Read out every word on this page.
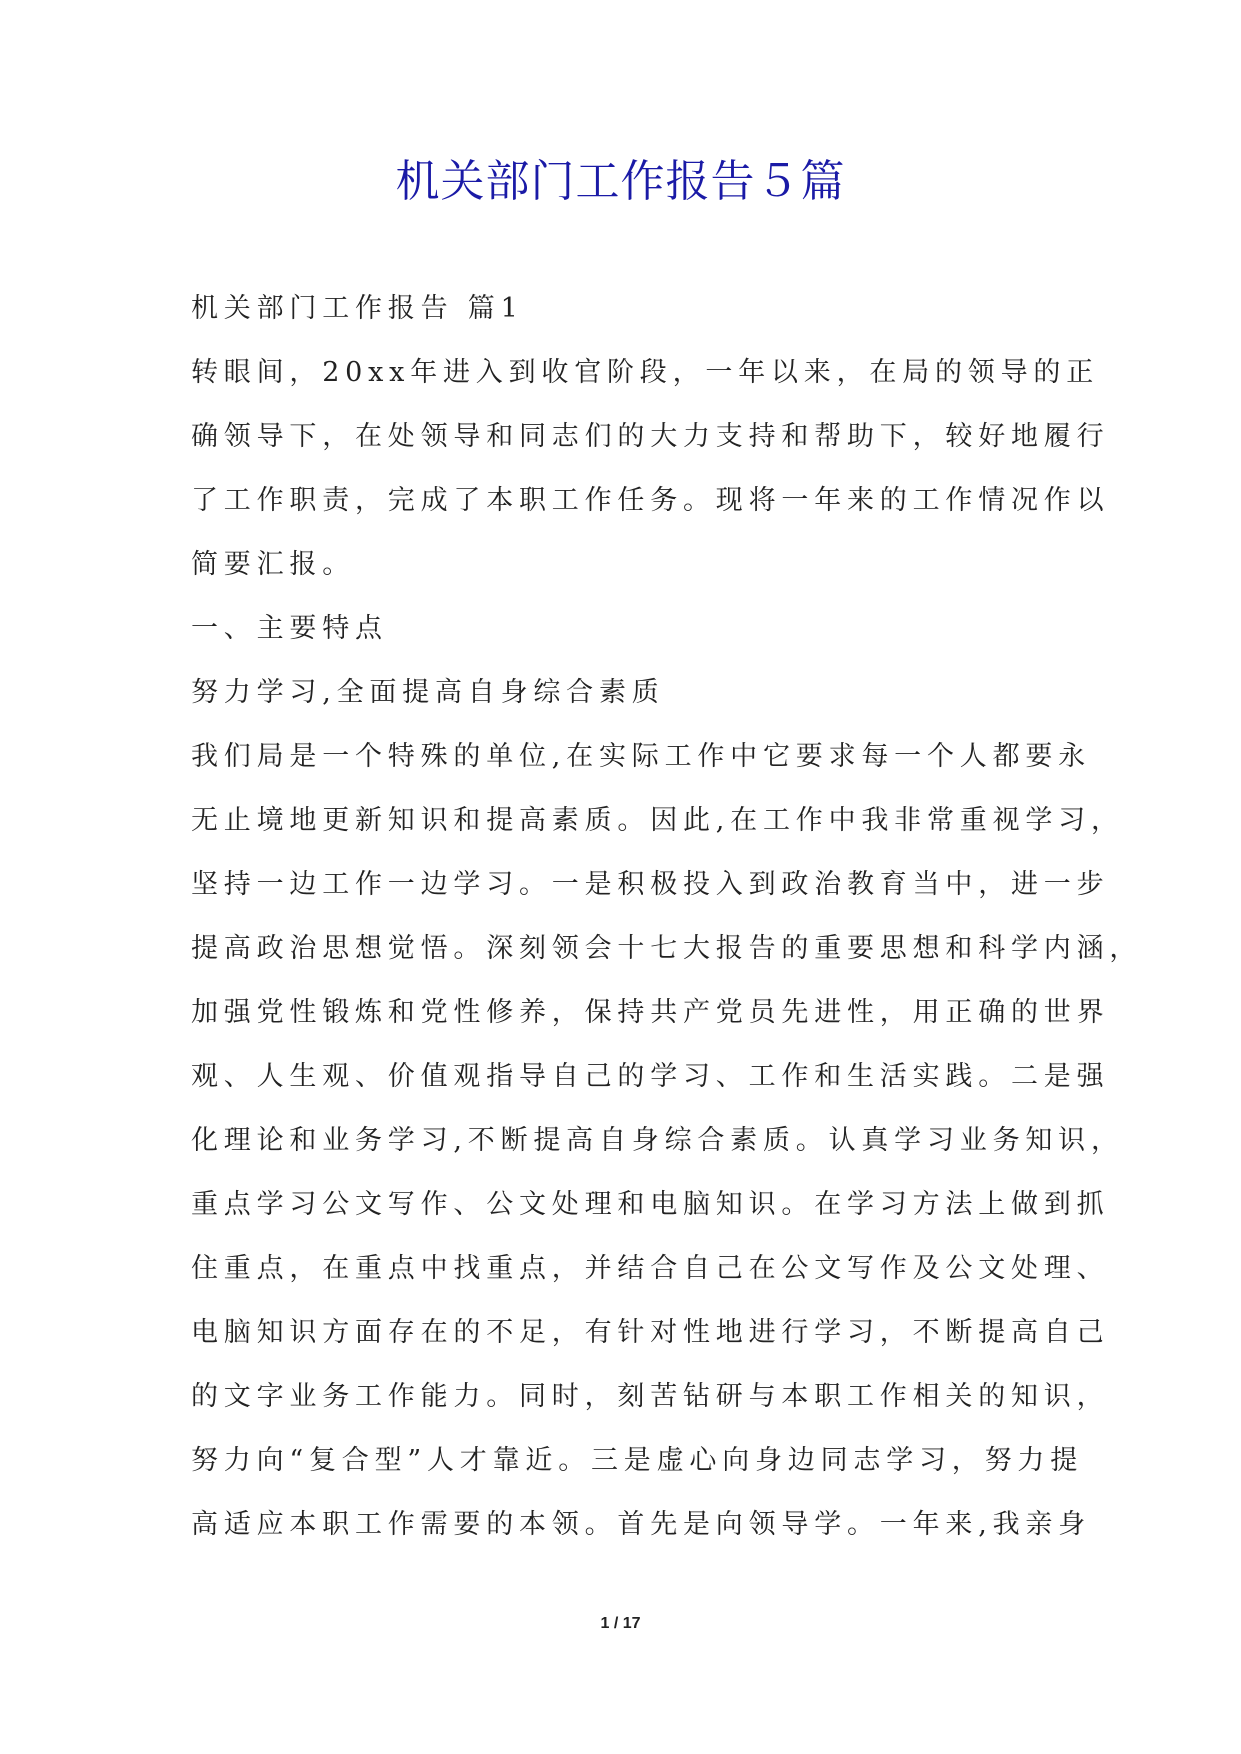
机关部门工作报告５篇
机关部门工作报告 篇1
转眼间，20xx年进入到收官阶段，一年以来，在局的领导的正
确领导下，在处领导和同志们的大力支持和帮助下，较好地履行
了工作职责，完成了本职工作任务。现将一年来的工作情况作以
简要汇报。
一、主要特点
努力学习,全面提高自身综合素质
我们局是一个特殊的单位,在实际工作中它要求每一个人都要永
无止境地更新知识和提高素质。因此,在工作中我非常重视学习，
坚持一边工作一边学习。一是积极投入到政治教育当中，进一步
提高政治思想觉悟。深刻领会十七大报告的重要思想和科学内涵，
加强党性锻炼和党性修养，保持共产党员先进性，用正确的世界
观、人生观、价值观指导自己的学习、工作和生活实践。二是强
化理论和业务学习,不断提高自身综合素质。认真学习业务知识，
重点学习公文写作、公文处理和电脑知识。在学习方法上做到抓
住重点，在重点中找重点，并结合自己在公文写作及公文处理、
电脑知识方面存在的不足，有针对性地进行学习，不断提高自己
的文字业务工作能力。同时，刻苦钻研与本职工作相关的知识，
努力向“复合型”人才靠近。三是虚心向身边同志学习，努力提
高适应本职工作需要的本领。首先是向领导学。一年来,我亲身
1 / 17
